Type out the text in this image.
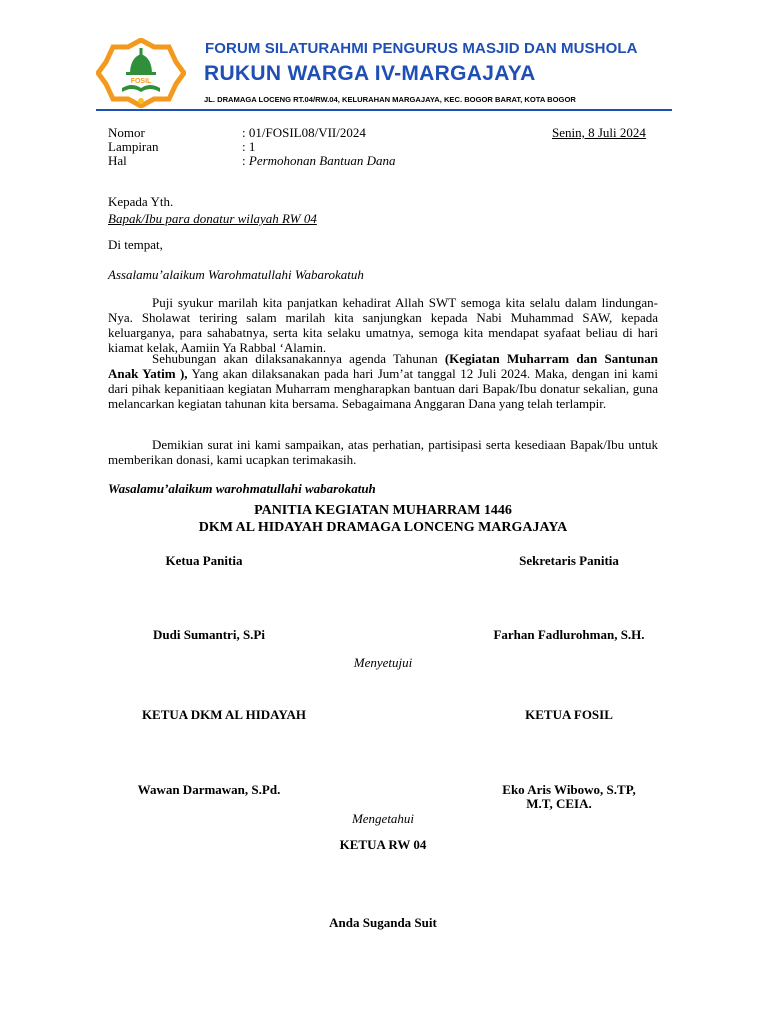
FOSIL
FORUM SILATURAHMI PENGURUS MASJID DAN MUSHOLA
RUKUN WARGA IV-MARGAJAYA
JL. DRAMAGA LOCENG RT.04/RW.04, KELURAHAN MARGAJAYA, KEC. BOGOR BARAT, KOTA BOGOR
Nomor	: 01/FOSIL08/VII/2024	Senin, 8 Juli 2024
Lampiran	: 1
Hal	: Permohonan Bantuan Dana
Kepada Yth.
Bapak/Ibu para donatur wilayah RW 04
Di tempat,
Assalamu’alaikum Warohmatullahi Wabarokatuh
Puji syukur marilah kita panjatkan kehadirat Allah SWT semoga kita selalu dalam lindungan-Nya. Sholawat teriring salam marilah kita sanjungkan kepada Nabi Muhammad SAW, kepada keluarganya, para sahabatnya, serta kita selaku umatnya, semoga kita mendapat syafaat beliau di hari kiamat kelak, Aamiin Ya Rabbal ‘Alamin.
Sehubungan akan dilaksanakannya agenda Tahunan (Kegiatan Muharram dan Santunan Anak Yatim ), Yang akan dilaksanakan pada hari Jum’at tanggal 12 Juli 2024. Maka, dengan ini kami dari pihak kepanitiaan kegiatan Muharram mengharapkan bantuan dari Bapak/Ibu donatur sekalian, guna melancarkan kegiatan tahunan kita bersama. Sebagaimana Anggaran Dana yang telah terlampir.
Demikian surat ini kami sampaikan, atas perhatian, partisipasi serta kesediaan Bapak/Ibu untuk memberikan donasi, kami ucapkan terimakasih.
Wasalamu’alaikum warohmatullahi wabarokatuh
PANITIA KEGIATAN MUHARRAM 1446
DKM AL HIDAYAH DRAMAGA LONCENG MARGAJAYA
Ketua Panitia	Sekretaris Panitia
Dudi Sumantri, S.Pi	Farhan Fadlurohman, S.H.
Menyetujui
KETUA DKM AL HIDAYAH	KETUA FOSIL
Wawan Darmawan, S.Pd.	Eko Aris Wibowo, S.TP,
M.T, CEIA.
Mengetahui
KETUA RW 04
Anda Suganda Suit
